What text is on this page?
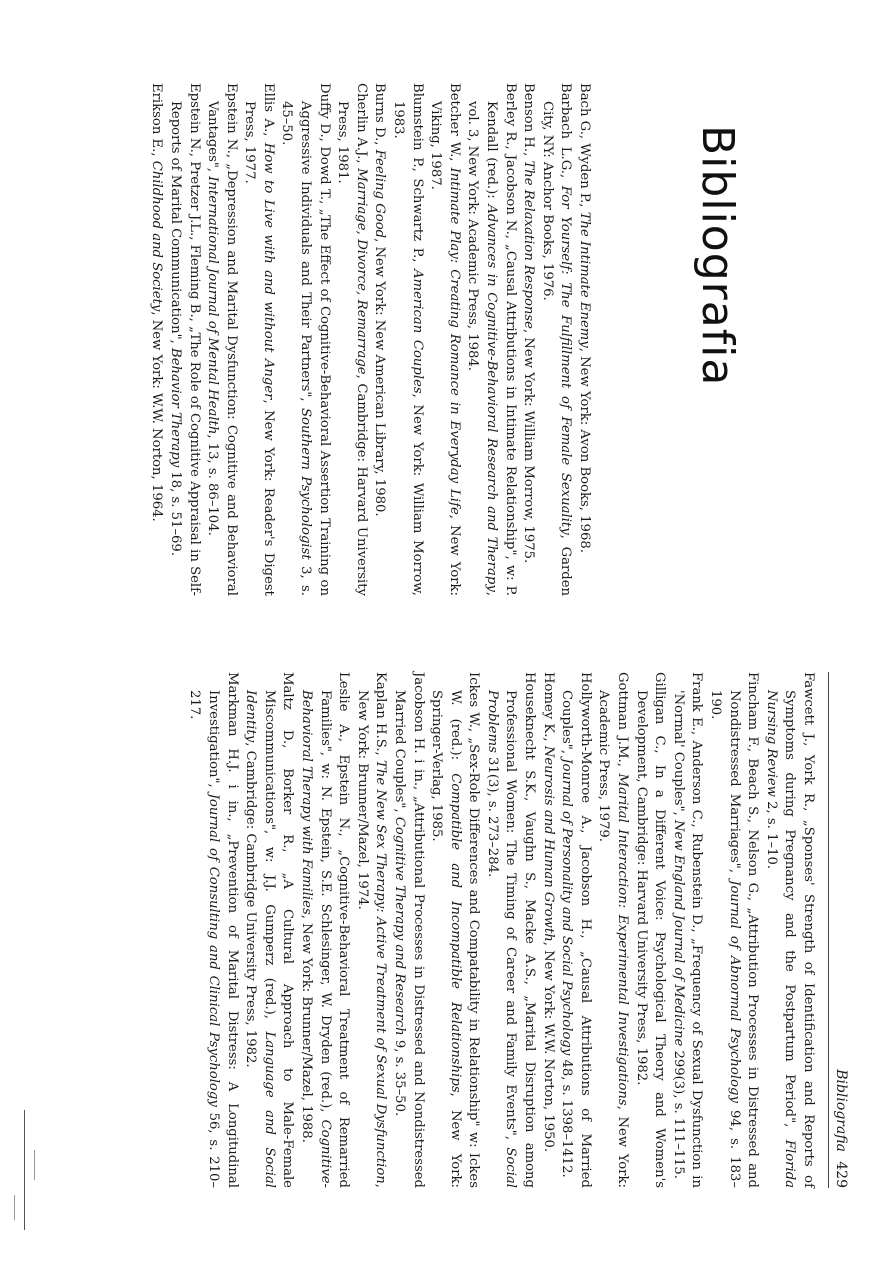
Bibliografia
Bach G., Wyden P., The Intimate Enemy, New York: Avon Books, 1968.
Barbach L.G., For Yourself: The Fulfillment of Female Sexuality, Garden City, NY: Anchor Books, 1976.
Benson H., The Relaxation Response, New York: William Morrow, 1975.
Berley R., Jacobson N., „Causal Attributions in Intimate Relationship", w: P. Kendall (red.): Advances in Cognitive-Behavioral Research and Therapy, vol. 3, New York: Academic Press, 1984.
Betcher W., Intimate Play: Creating Romance in Everyday Life, New York: Viking, 1987.
Blumstein P., Schwartz P., American Couples, New York: William Morrow, 1983.
Burns D., Feeling Good, New York: New American Library, 1980.
Cherlin A.J., Marriage, Divorce, Remarrage, Cambridge: Harvard University Press, 1981.
Duffy D., Dowd T., „The Effect of Cognitive-Behavioral Assertion Training on Aggressive Individuals and Their Partners", Southern Psychologist 3, s. 45–50.
Ellis A., How to Live with and without Anger, New York: Reader's Digest Press, 1977.
Epstein N., „Depression and Marital Dysfunction: Cognitive and Behavioral Vantages", International Journal of Mental Health, 13, s. 86–104.
Epstein N., Pretzer J.L., Fleming B., „The Role of Cognitive Appraisal in Self-Reports of Marital Communication", Behavior Therapy 18, s. 51–69.
Erikson E., Childhood and Society, New York: W.W. Norton, 1964.
Bibliografia
429
Fawcett J., York R., „Sponses' Strength of Identification and Reports of Symptoms during Pregnancy and the Postpartum Period", Florida Nursing Review 2, s. 1–10.
Fincham F., Beach S., Nelson G., „Attribution Processes in Distressed and Nondistressed Marriages", Journal of Abnormal Psychology 94, s. 183–190.
Frank E., Anderson C., Rubenstein D., „Frequency of Sexual Dysfunction in 'Normal' Couples", New England Journal of Medicine 299(3), s. 111–115.
Gilligan C., In a Different Voice: Psychological Theory and Women's Development, Cambridge: Harvard University Press, 1982.
Gottman J.M., Marital Interaction: Experimental Investigations, New York: Academic Press, 1979.
Hollyworth-Monroe A., Jacobson H., „Causal Attributions of Married Couples", Journal of Personality and Social Psychology 48, s. 1398–1412.
Homey K., Neurosis and Human Growth, New York: W.W. Norton, 1950.
Houseknecht S.K., Vaughn S., Macke A.S., „Marital Disruption among Professional Women: The Timing of Career and Family Events", Social Problems 31(3), s. 273–284.
Ickes W., „Sex-Role Differences and Compatability in Relationship" w: Ickes W. (red.): Compatible and Incompatible Relationships, New York: Springer-Verlag, 1985.
Jacobson H. i in., „Attributional Processes in Distressed and Nondistressed Married Couples", Cognitive Therapy and Research 9, s. 35–50.
Kaplan H.S., The New Sex Therapy: Active Treatment of Sexual Dysfunction, New York: Brunner/Mazel, 1974.
Leslie A., Epstein N., „Cognitive-Behavioral Treatment of Remarried Families", w: N. Epstein, S.E. Schlesinger, W. Dryden (red.), Cognitive-Behavioral Therapy with Families, New York: Brunner/Mazel, 1988.
Maltz D., Borker R., „A Cultural Approach to Male-Female Miscommunications", w: J.J. Gumperz (red.), Language and Social Identity, Cambridge: Cambridge University Press, 1982.
Markman H.J. i in., „Prevention of Marital Distress: A Longitudinal Investigation", Journal of Consulting and Clinical Psychology 56, s. 210–217.
